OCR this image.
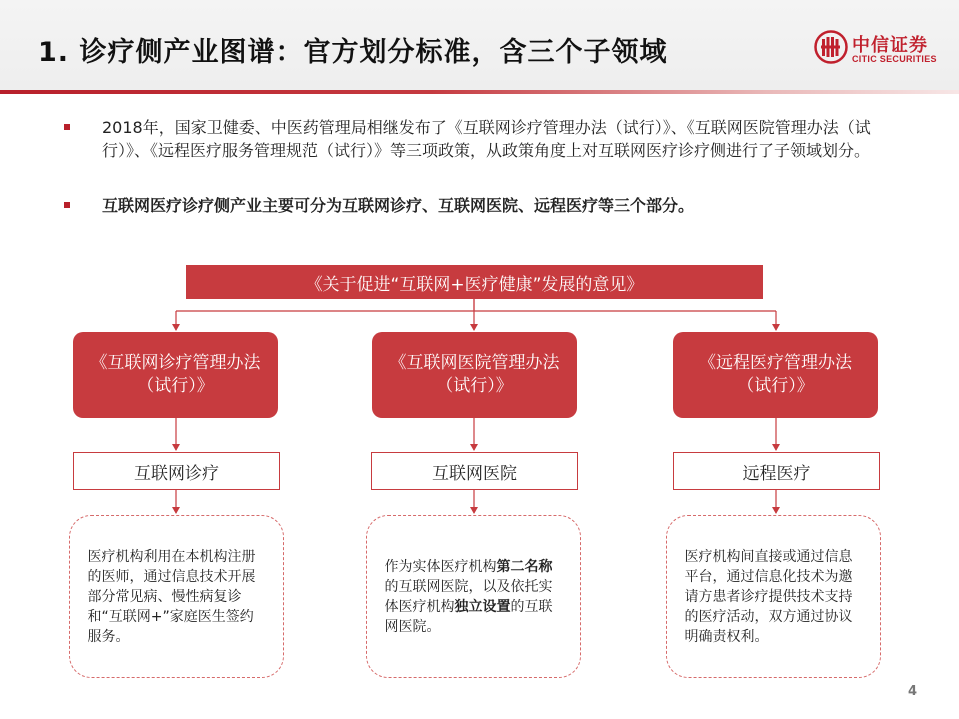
1. 诊疗侧产业图谱：官方划分标准，含三个子领域	中信证券
CITIC SECURITIES
2018年，国家卫健委、中医药管理局相继发布了《互联网诊疗管理办法（试行）》、《互联网医院管理办法（试行）》、《远程医疗服务管理规范（试行）》等三项政策，从政策角度上对互联网医疗诊疗侧进行了子领域划分。
互联网医疗诊疗侧产业主要可分为互联网诊疗、互联网医院、远程医疗等三个部分。
《关于促进“互联网+医疗健康”发展的意见》
《互联网诊疗管理办法（试行）》
《互联网医院管理办法（试行）》
《远程医疗管理办法（试行）》
互联网诊疗	互联网医院	远程医疗
医疗机构利用在本机构注册的医师，通过信息技术开展部分常见病、慢性病复诊和“互联网+”家庭医生签约服务。
作为实体医疗机构第二名称的互联网医院，以及依托实体医疗机构独立设置的互联网医院。
医疗机构间直接或通过信息平台，通过信息化技术为邀请方患者诊疗提供技术支持的医疗活动，双方通过协议明确责权利。
4
